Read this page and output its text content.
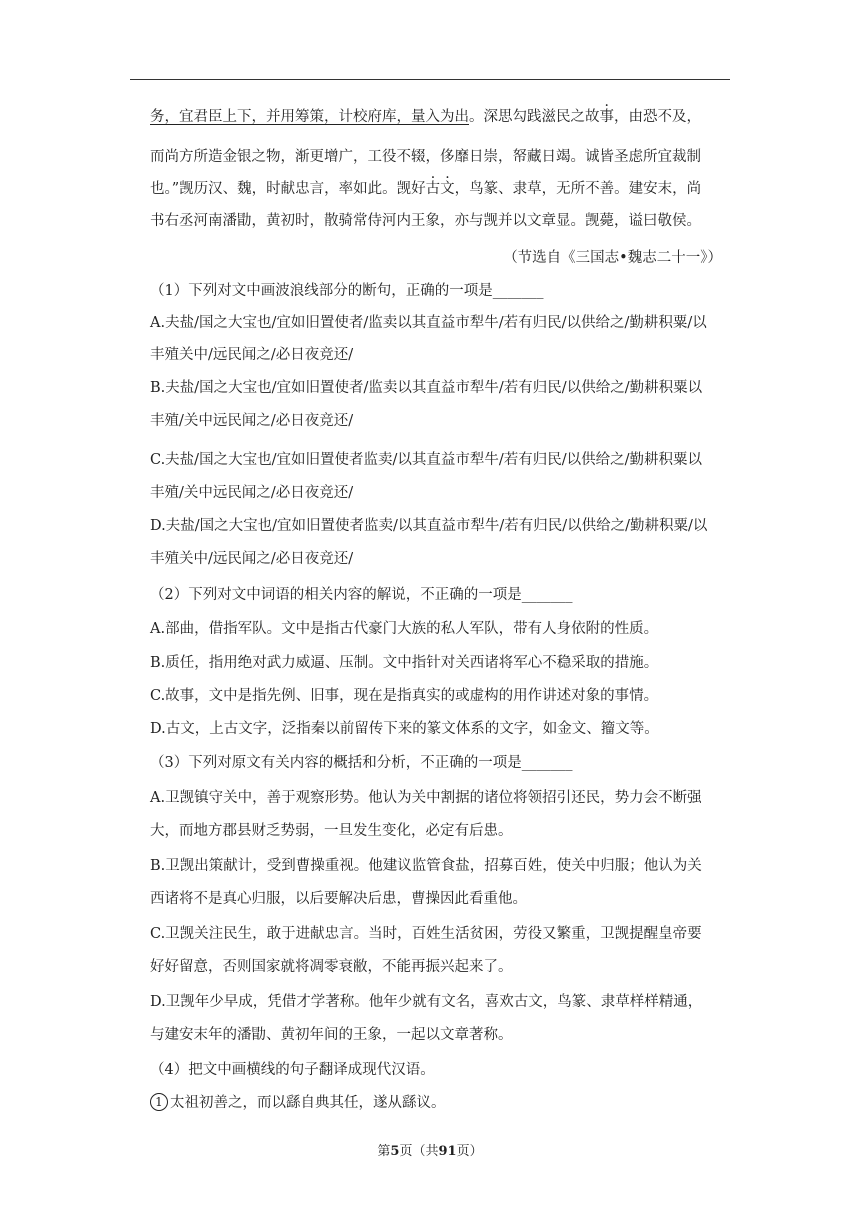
务，宜君臣上下，并用筹策，计校府库，量入为出。深思勾践滋民之故事，由恐不及，
而尚方所造金银之物，渐更增广，工役不辍，侈靡日崇，帑藏日竭。诚皆圣虑所宜裁制
也。”觊历汉、魏，时献忠言，率如此。觊好古文，鸟篆、隶草，无所不善。建安末，尚
书右丞河南潘勖，黄初时，散骑常侍河内王象，亦与觊并以文章显。觊薨，谥曰敬侯。
（节选自《三国志•魏志二十一》）
（1）下列对文中画波浪线部分的断句，正确的一项是_______
A.夫盐/国之大宝也/宜如旧置使者/监卖以其直益市犁牛/若有归民/以供给之/勤耕积粟/以
丰殖关中/远民闻之/必日夜竞还/
B.夫盐/国之大宝也/宜如旧置使者/监卖以其直益市犁牛/若有归民/以供给之/勤耕积粟以
丰殖/关中远民闻之/必日夜竞还/
C.夫盐/国之大宝也/宜如旧置使者监卖/以其直益市犁牛/若有归民/以供给之/勤耕积粟以
丰殖/关中远民闻之/必日夜竞还/
D.夫盐/国之大宝也/宜如旧置使者监卖/以其直益市犁牛/若有归民/以供给之/勤耕积粟/以
丰殖关中/远民闻之/必日夜竞还/
（2）下列对文中词语的相关内容的解说，不正确的一项是_______
A.部曲，借指军队。文中是指古代豪门大族的私人军队，带有人身依附的性质。
B.质任，指用绝对武力威逼、压制。文中指针对关西诸将军心不稳采取的措施。
C.故事，文中是指先例、旧事，现在是指真实的或虚构的用作讲述对象的事情。
D.古文，上古文字，泛指秦以前留传下来的篆文体系的文字，如金文、籀文等。
（3）下列对原文有关内容的概括和分析，不正确的一项是_______
A.卫觊镇守关中，善于观察形势。他认为关中割据的诸位将领招引还民，势力会不断强
大，而地方郡县财乏势弱，一旦发生变化，必定有后患。
B.卫觊出策献计，受到曹操重视。他建议监管食盐，招募百姓，使关中归服；他认为关
西诸将不是真心归服，以后要解决后患，曹操因此看重他。
C.卫觊关注民生，敢于进献忠言。当时，百姓生活贫困，劳役又繁重，卫觊提醒皇帝要
好好留意，否则国家就将凋零衰敝，不能再振兴起来了。
D.卫觊年少早成，凭借才学著称。他年少就有文名，喜欢古文，鸟篆、隶草样样精通，
与建安末年的潘勖、黄初年间的王象，一起以文章著称。
（4）把文中画横线的句子翻译成现代汉语。
1 太祖初善之，而以繇自典其任，遂从繇议。
第5页（共91页）
